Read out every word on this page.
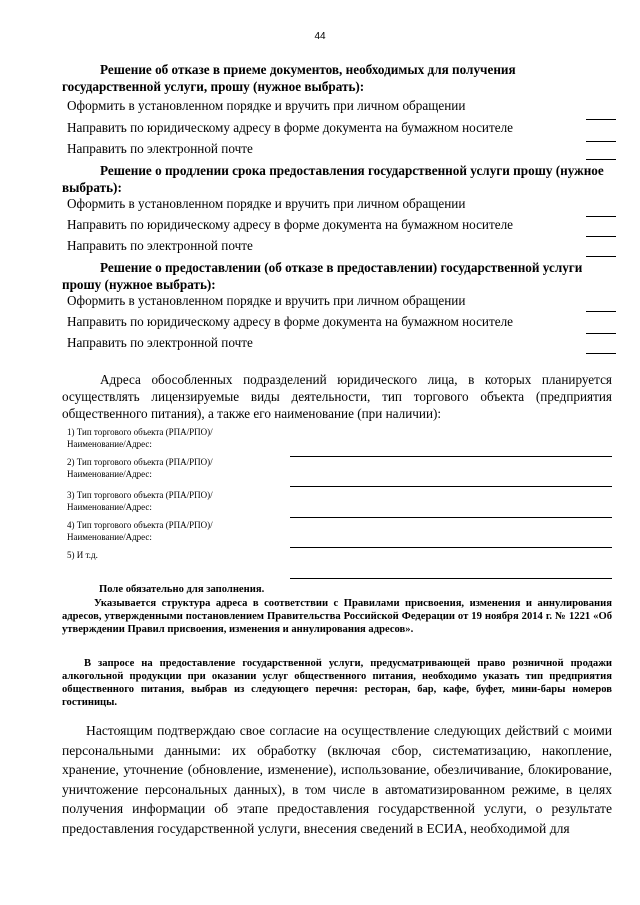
44

Решение об отказе в приеме документов, необходимых для получения государственной услуги, прошу (нужное выбрать):

Оформить в установленном порядке и вручить при личном обращении

Направить по юридическому адресу в форме документа на бумажном носителе

Направить по электронной почте

Решение о продлении срока предоставления государственной услуги прошу (нужное выбрать):

Оформить в установленном порядке и вручить при личном обращении

Направить по юридическому адресу в форме документа на бумажном носителе

Направить по электронной почте

Решение о предоставлении (об отказе в предоставлении) государственной услуги прошу (нужное выбрать):

Оформить в установленном порядке и вручить при личном обращении

Направить по юридическому адресу в форме документа на бумажном носителе

Направить по электронной почте

Адреса обособленных подразделений юридического лица, в которых планируется осуществлять лицензируемые виды деятельности, тип торгового объекта (предприятия общественного питания), а также его наименование (при наличии):

1) Тип торгового объекта (РПА/РПО)/
Наименование/Адрес:

2) Тип торгового объекта (РПА/РПО)/
Наименование/Адрес:

3) Тип торгового объекта (РПА/РПО)/
Наименование/Адрес:

4) Тип торгового объекта (РПА/РПО)/
Наименование/Адрес:

5) И т.д.

Поле обязательно для заполнения.

Указывается структура адреса в соответствии с Правилами присвоения, изменения и аннулирования адресов, утвержденными постановлением Правительства Российской Федерации от 19 ноября 2014 г. № 1221 «Об утверждении Правил присвоения, изменения и аннулирования адресов».

В запросе на предоставление государственной услуги, предусматривающей право розничной продажи алкогольной продукции при оказании услуг общественного питания, необходимо указать тип предприятия общественного питания, выбрав из следующего перечня: ресторан, бар, кафе, буфет, мини-бары номеров гостиницы.

Настоящим подтверждаю свое согласие на осуществление следующих действий с моими персональными данными: их обработку (включая сбор, систематизацию, накопление, хранение, уточнение (обновление, изменение), использование, обезличивание, блокирование, уничтожение персональных данных), в том числе в автоматизированном режиме, в целях получения информации об этапе предоставления государственной услуги, о результате предоставления государственной услуги, внесения сведений в ЕСИА, необходимой для
